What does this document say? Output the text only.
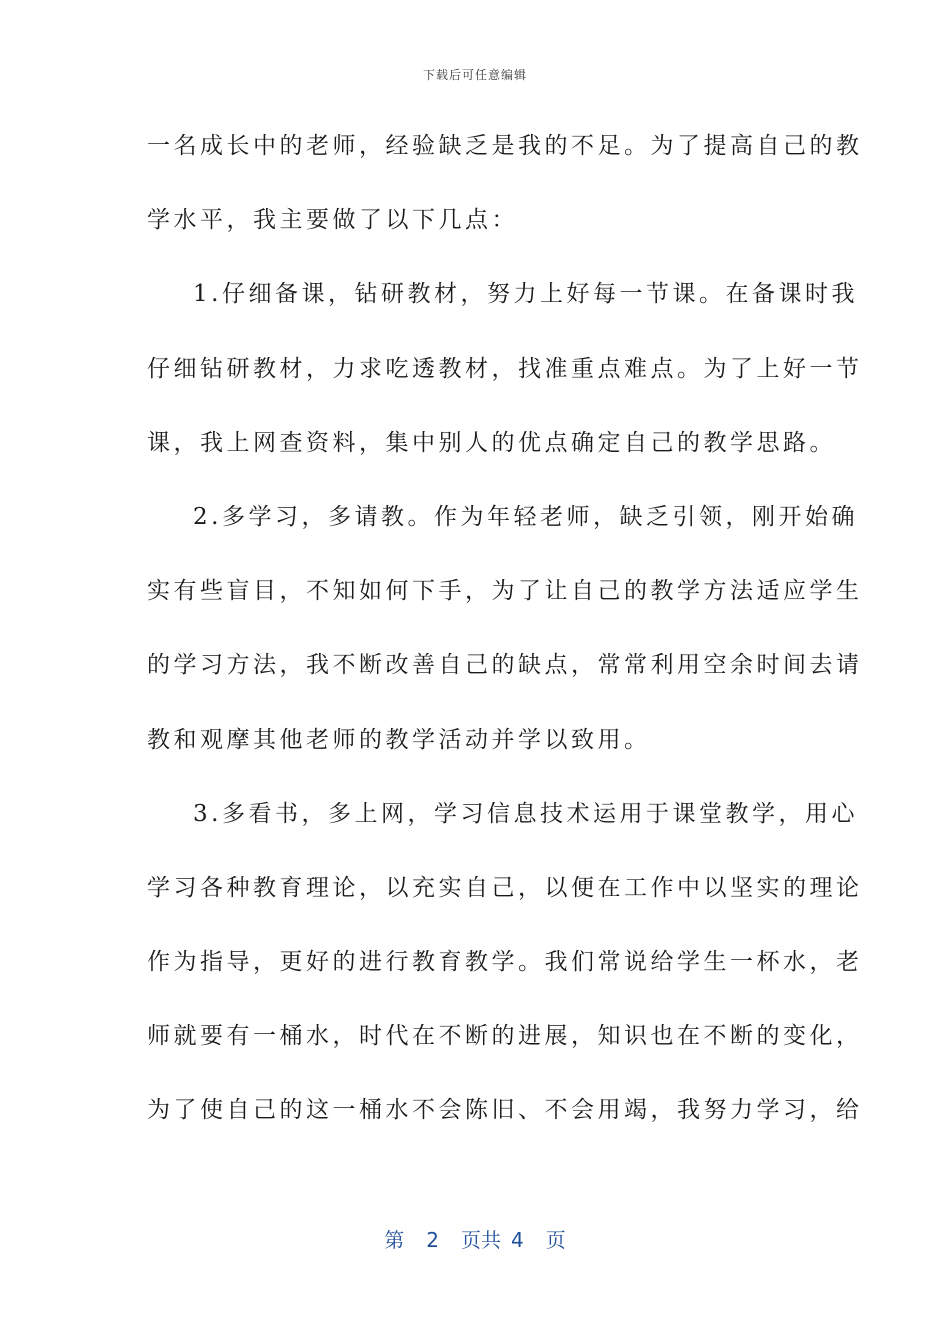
下载后可任意编辑
一名成长中的老师，经验缺乏是我的不足。为了提高自己的教
学水平，我主要做了以下几点：
1.仔细备课，钻研教材，努力上好每一节课。在备课时我
仔细钻研教材，力求吃透教材，找准重点难点。为了上好一节
课，我上网查资料，集中别人的优点确定自己的教学思路。
2.多学习，多请教。作为年轻老师，缺乏引领，刚开始确
实有些盲目，不知如何下手，为了让自己的教学方法适应学生
的学习方法，我不断改善自己的缺点，常常利用空余时间去请
教和观摩其他老师的教学活动并学以致用。
3.多看书，多上网，学习信息技术运用于课堂教学，用心
学习各种教育理论，以充实自己，以便在工作中以坚实的理论
作为指导，更好的进行教育教学。我们常说给学生一杯水，老
师就要有一桶水，时代在不断的进展，知识也在不断的变化，
为了使自己的这一桶水不会陈旧、不会用竭，我努力学习，给
第 2 页共 4 页
